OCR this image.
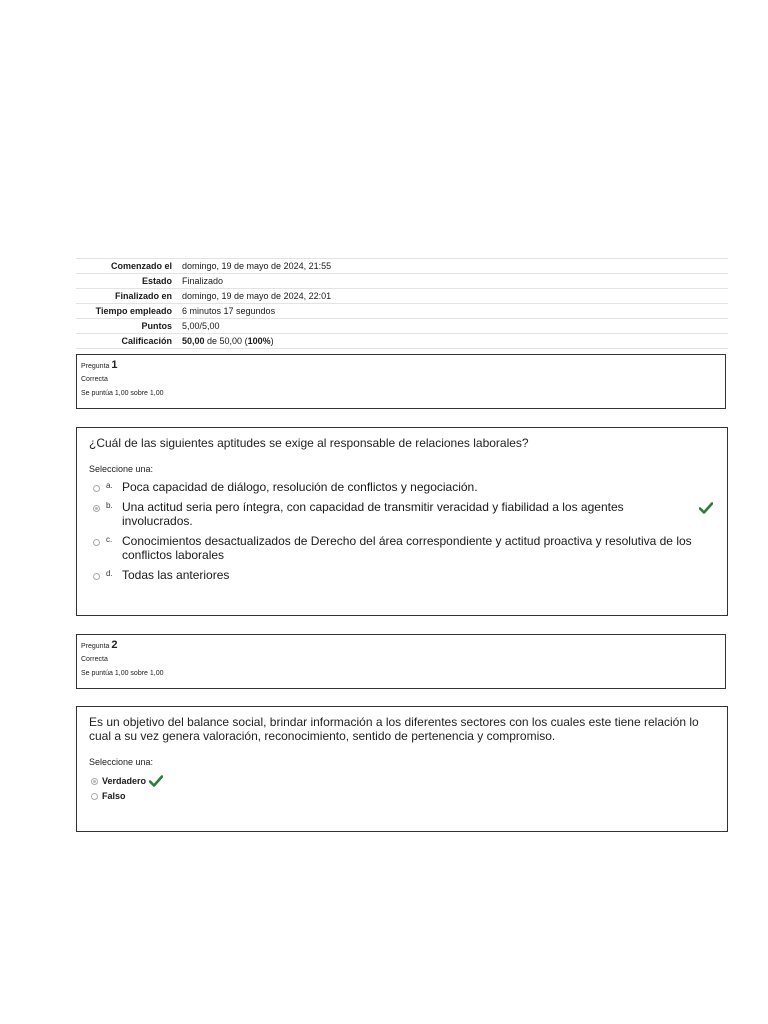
Comenzado el	domingo, 19 de mayo de 2024, 21:55
Estado	Finalizado
Finalizado en	domingo, 19 de mayo de 2024, 22:01
Tiempo empleado	6 minutos 17 segundos
Puntos	5,00/5,00
Calificación	50,00 de 50,00 (100%)
Pregunta 1
Correcta
Se puntúa 1,00 sobre 1,00
¿Cuál de las siguientes aptitudes se exige al responsable de relaciones laborales?
Seleccione una:
a. Poca capacidad de diálogo, resolución de conflictos y negociación.
b. Una actitud seria pero íntegra, con capacidad de transmitir veracidad y fiabilidad a los agentes involucrados.
c. Conocimientos desactualizados de Derecho del área correspondiente y actitud proactiva y resolutiva de los conflictos laborales
d. Todas las anteriores
Pregunta 2
Correcta
Se puntúa 1,00 sobre 1,00
Es un objetivo del balance social, brindar información a los diferentes sectores con los cuales este tiene relación lo cual a su vez genera valoración, reconocimiento, sentido de pertenencia y compromiso.
Seleccione una:
Verdadero
Falso
